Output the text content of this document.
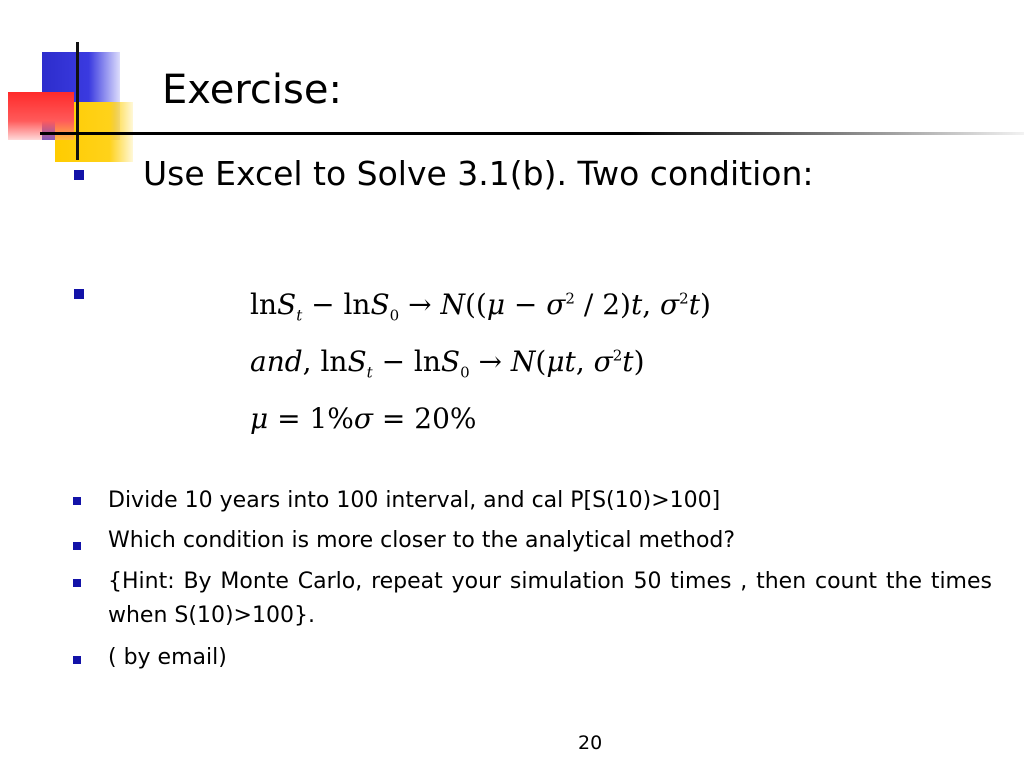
Exercise:
Use Excel to Solve 3.1(b). Two condition:
$\ln S_t - \ln S_0 \to N((\mu - \sigma^2 / 2)t$, $\sigma^2t$)
and, lnS$_t$ − lnS$_0$ → N(μt, $\sigma^2t$)
μ = 1%σ = 20%
Divide 10 years into 100 interval, and cal P[S(10)>100]
Which condition is more closer to the analytical method?
{Hint: By Monte Carlo, repeat your simulation 50 times , then count the times when S(10)>100}.
( by email)
20
